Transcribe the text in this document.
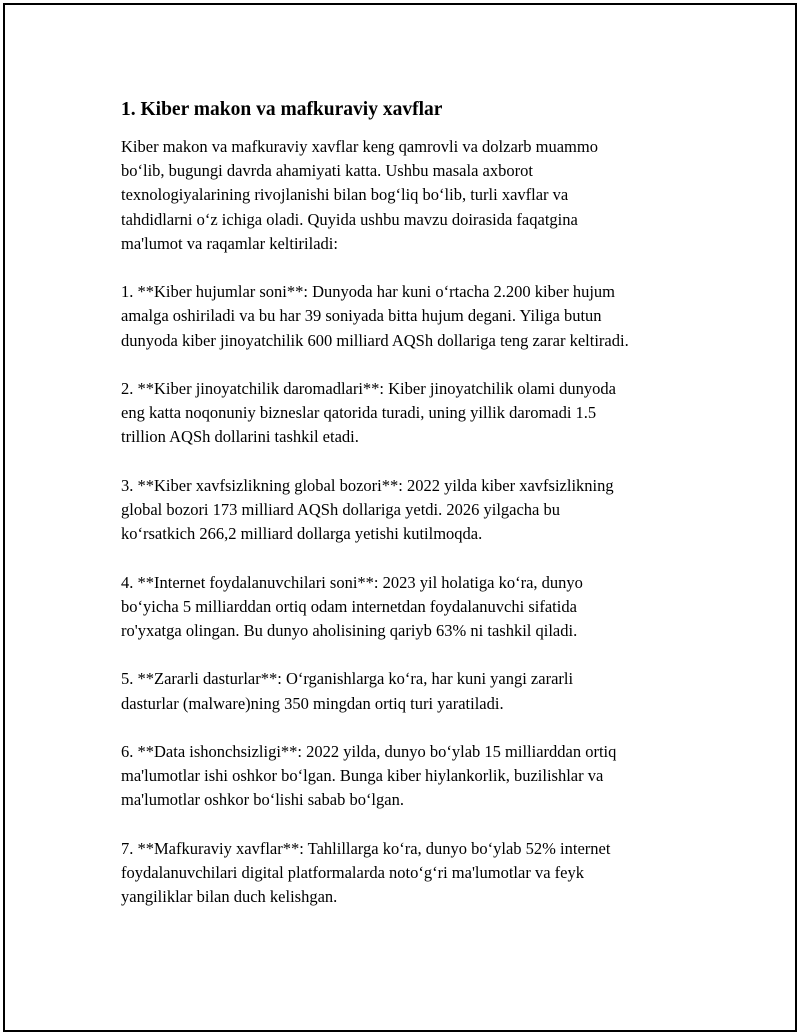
1. Kiber makon va mafkuraviy xavflar

Kiber makon va mafkuraviy xavflar keng qamrovli va dolzarb muammo
bo‘lib, bugungi davrda ahamiyati katta. Ushbu masala axborot
texnologiyalarining rivojlanishi bilan bog‘liq bo‘lib, turli xavflar va
tahdidlarni o‘z ichiga oladi. Quyida ushbu mavzu doirasida faqatgina
ma'lumot va raqamlar keltiriladi:

1. **Kiber hujumlar soni**: Dunyoda har kuni o‘rtacha 2.200 kiber hujum
amalga oshiriladi va bu har 39 soniyada bitta hujum degani. Yiliga butun
dunyoda kiber jinoyatchilik 600 milliard AQSh dollariga teng zarar keltiradi.

2. **Kiber jinoyatchilik daromadlari**: Kiber jinoyatchilik olami dunyoda
eng katta noqonuniy bizneslar qatorida turadi, uning yillik daromadi 1.5
trillion AQSh dollarini tashkil etadi.

3. **Kiber xavfsizlikning global bozori**: 2022 yilda kiber xavfsizlikning
global bozori 173 milliard AQSh dollariga yetdi. 2026 yilgacha bu
ko‘rsatkich 266,2 milliard dollarga yetishi kutilmoqda.

4. **Internet foydalanuvchilari soni**: 2023 yil holatiga ko‘ra, dunyo
bo‘yicha 5 milliarddan ortiq odam internetdan foydalanuvchi sifatida
ro'yxatga olingan. Bu dunyo aholisining qariyb 63% ni tashkil qiladi.

5. **Zararli dasturlar**: O‘rganishlarga ko‘ra, har kuni yangi zararli
dasturlar (malware)ning 350 mingdan ortiq turi yaratiladi.

6. **Data ishonchsizligi**: 2022 yilda, dunyo bo‘ylab 15 milliarddan ortiq
ma'lumotlar ishi oshkor bo‘lgan. Bunga kiber hiylankorlik, buzilishlar va
ma'lumotlar oshkor bo‘lishi sabab bo‘lgan.

7. **Mafkuraviy xavflar**: Tahlillarga ko‘ra, dunyo bo‘ylab 52% internet
foydalanuvchilari digital platformalarda noto‘g‘ri ma'lumotlar va feyk
yangiliklar bilan duch kelishgan.
